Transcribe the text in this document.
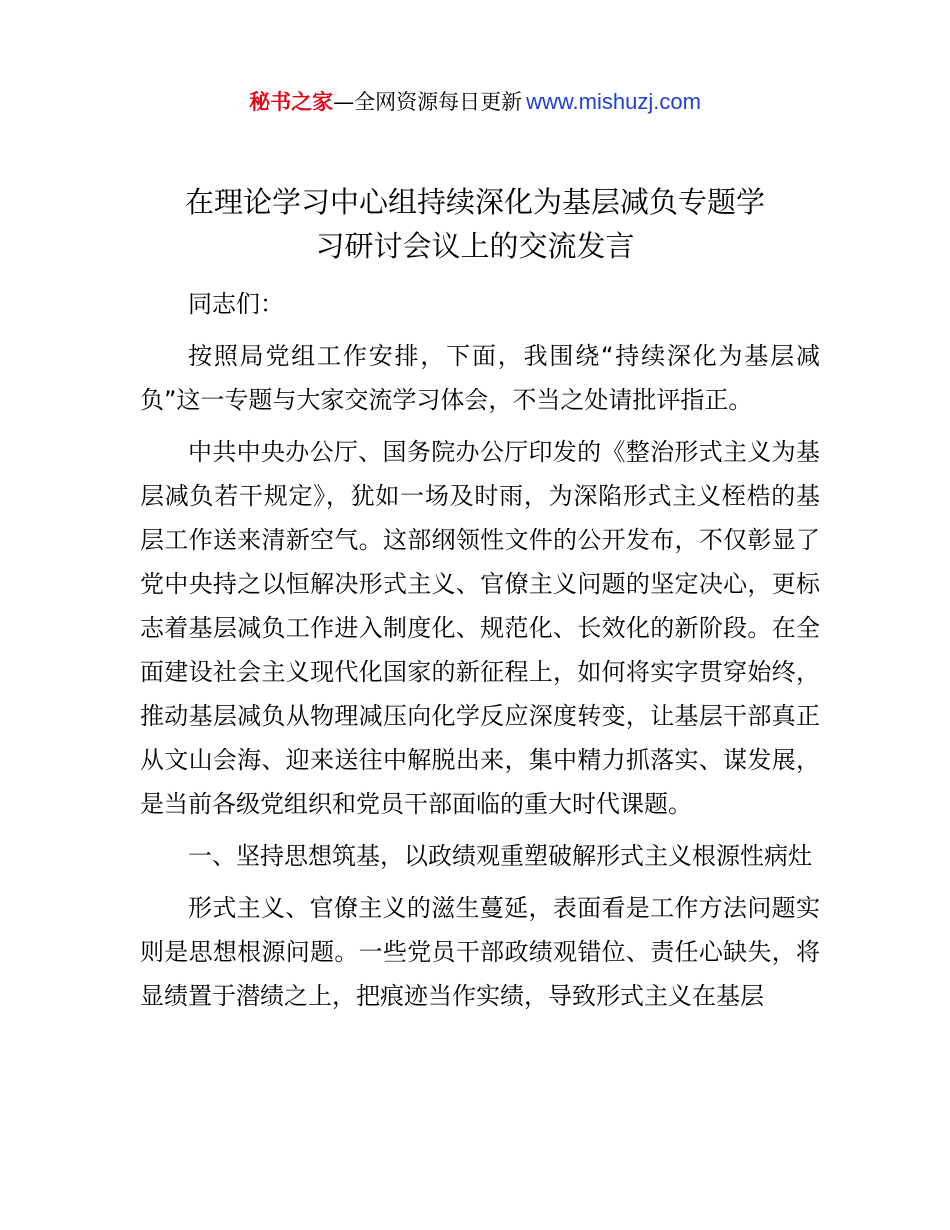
秘书之家—全网资源每日更新 www.mishuzj.com
在理论学习中心组持续深化为基层减负专题学
习研讨会议上的交流发言

同志们：

按照局党组工作安排，下面，我围绕“持续深化为基层减负”这一专题与大家交流学习体会，不当之处请批评指正。

中共中央办公厅、国务院办公厅印发的《整治形式主义为基层减负若干规定》，犹如一场及时雨，为深陷形式主义桎梏的基层工作送来清新空气。这部纲领性文件的公开发布，不仅彰显了党中央持之以恒解决形式主义、官僚主义问题的坚定决心，更标志着基层减负工作进入制度化、规范化、长效化的新阶段。在全面建设社会主义现代化国家的新征程上，如何将实字贯穿始终，推动基层减负从物理减压向化学反应深度转变，让基层干部真正从文山会海、迎来送往中解脱出来，集中精力抓落实、谋发展，是当前各级党组织和党员干部面临的重大时代课题。

一、坚持思想筑基，以政绩观重塑破解形式主义根源性病灶

形式主义、官僚主义的滋生蔓延，表面看是工作方法问题实则是思想根源问题。一些党员干部政绩观错位、责任心缺失，将显绩置于潜绩之上，把痕迹当作实绩，导致形式主义在基层
